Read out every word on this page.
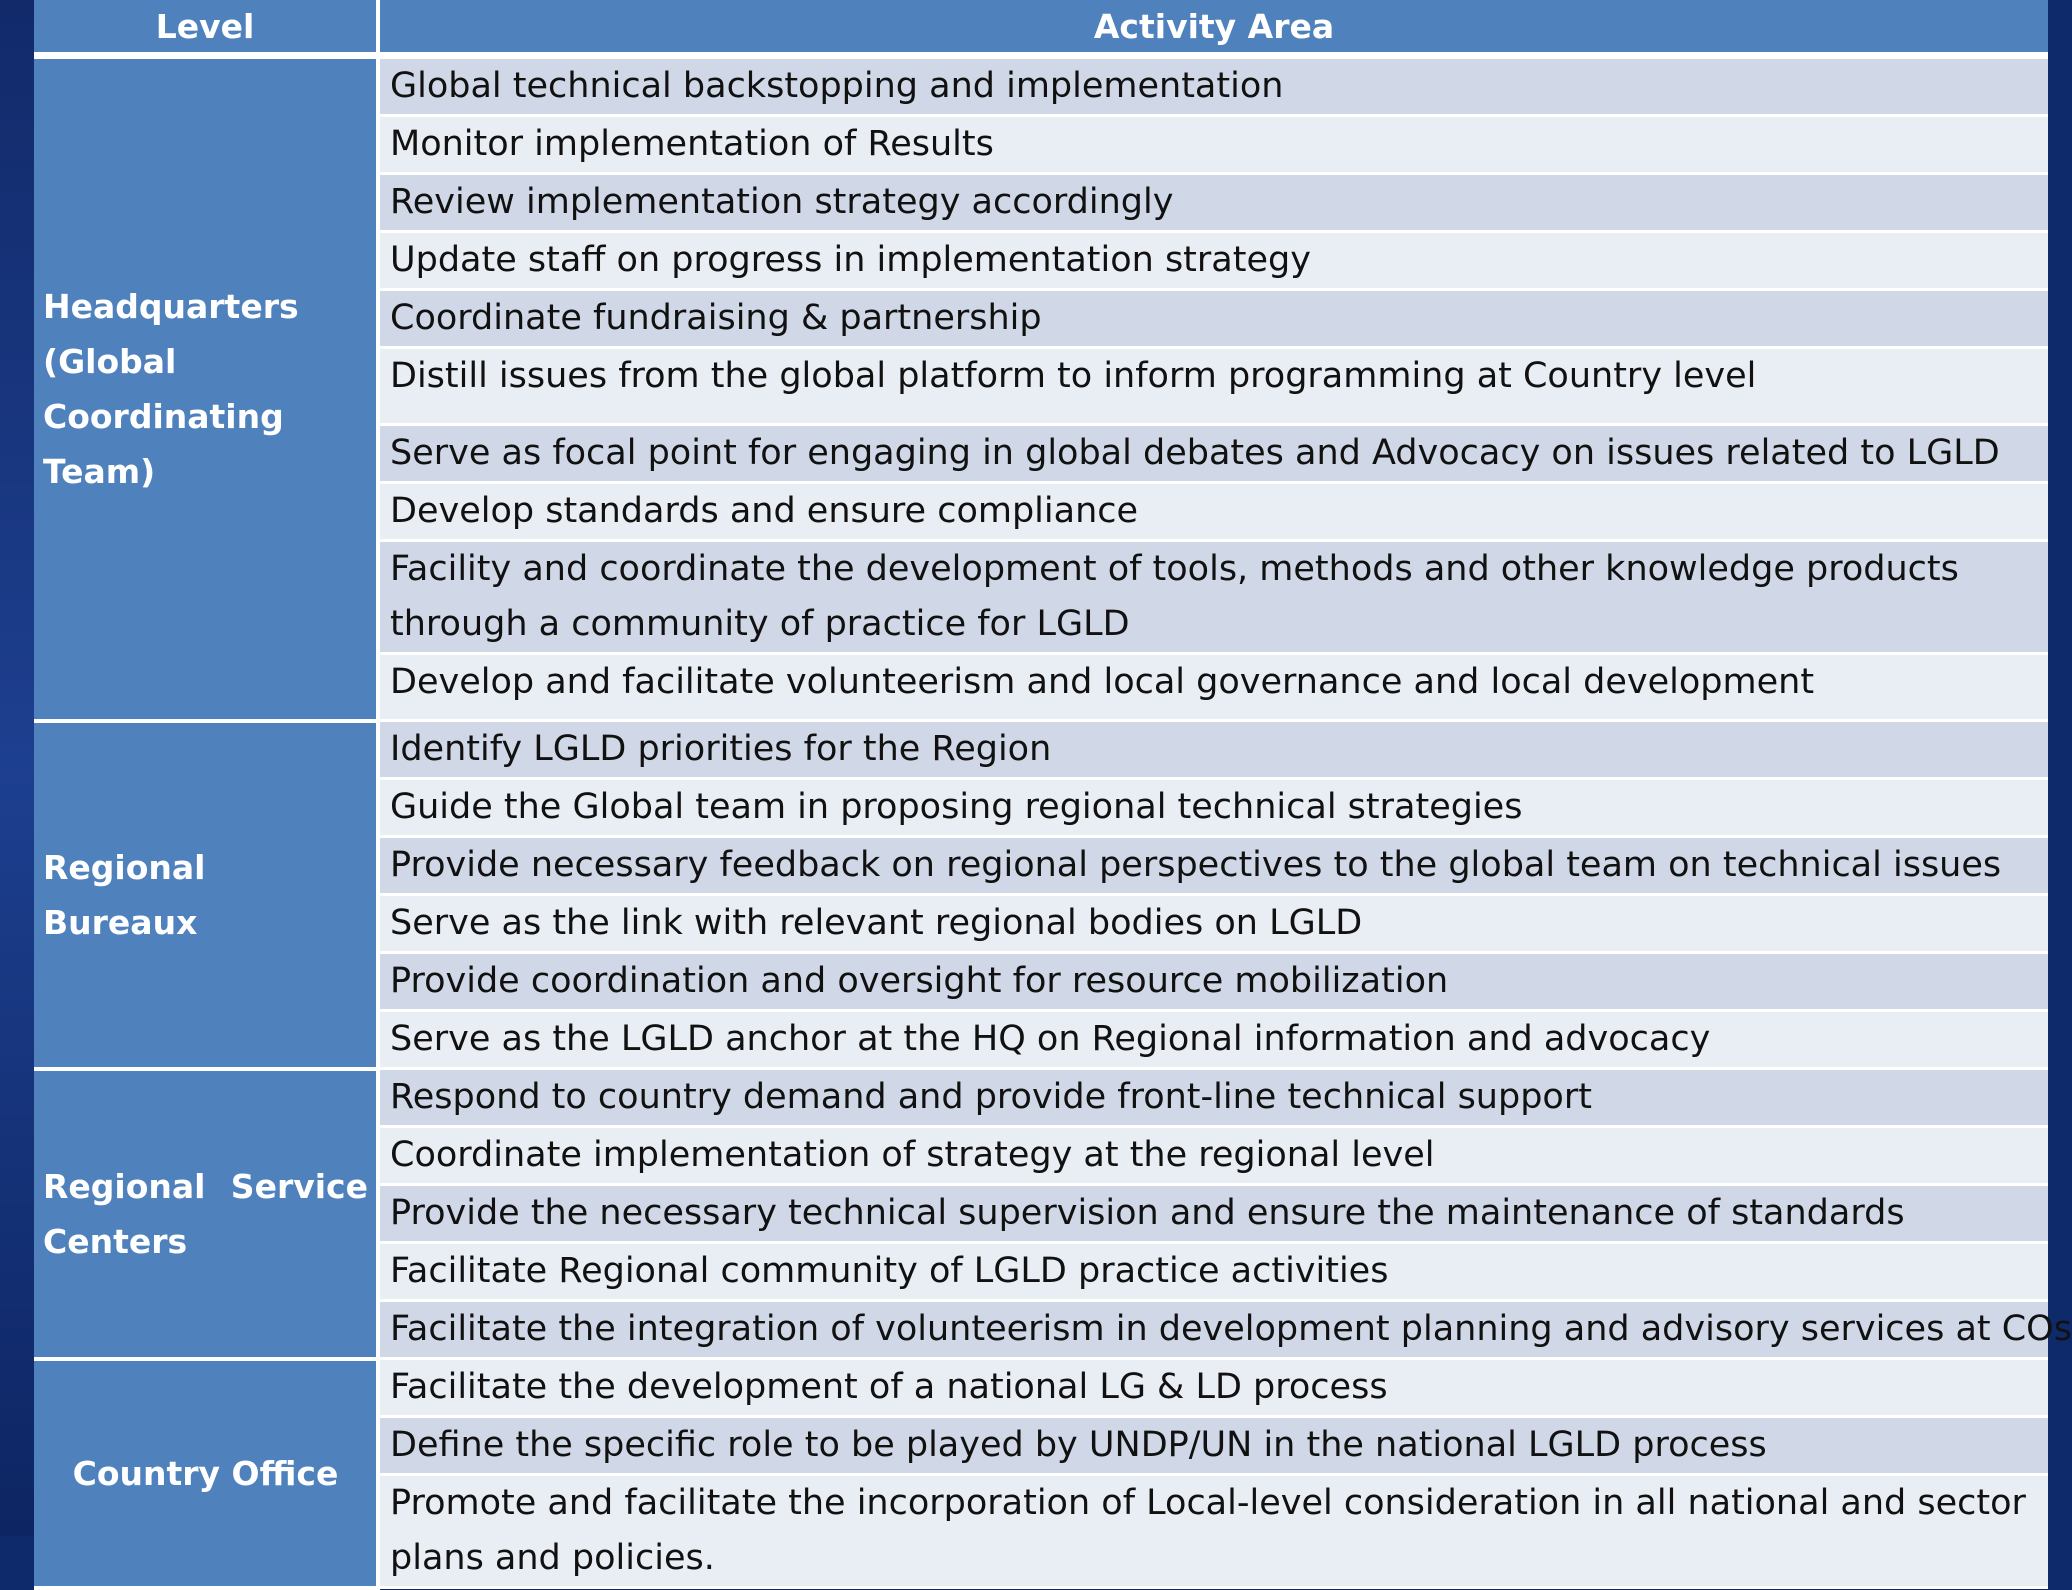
Level	Activity Area

Headquarters
(Global
Coordinating
Team)	Global technical backstopping and implementation
	Monitor implementation of Results
	Review implementation strategy accordingly
	Update staff on progress in implementation strategy
	Coordinate fundraising & partnership
	Distill issues from the global platform to inform programming at Country level
	Serve as focal point for engaging in global debates and Advocacy on issues related to LGLD
	Develop standards and ensure compliance
	Facility and coordinate the development of tools, methods and other knowledge products through a community of practice for LGLD
	Develop and facilitate volunteerism and local governance and local development
Regional Bureaux	Identify LGLD priorities for the Region
	Guide the Global team in proposing regional technical strategies
	Provide necessary feedback on regional perspectives to the global team on technical issues
	Serve as the link with relevant regional bodies on LGLD
	Provide coordination and oversight for resource mobilization
	Serve as the LGLD anchor at the HQ on Regional information and advocacy

Regional Service
Centers	Respond to country demand and provide front-line technical support
	Coordinate implementation of strategy at the regional level
	Provide the necessary technical supervision and ensure the maintenance of standards
	Facilitate Regional community of LGLD practice activities
	Facilitate the integration of volunteerism in development planning and advisory services at COs
Country Office	Facilitate the development of a national LG & LD process
	Define the specific role to be played by UNDP/UN in the national LGLD process
	Promote and facilitate the incorporation of Local-level consideration in all national and sector plans and policies.
